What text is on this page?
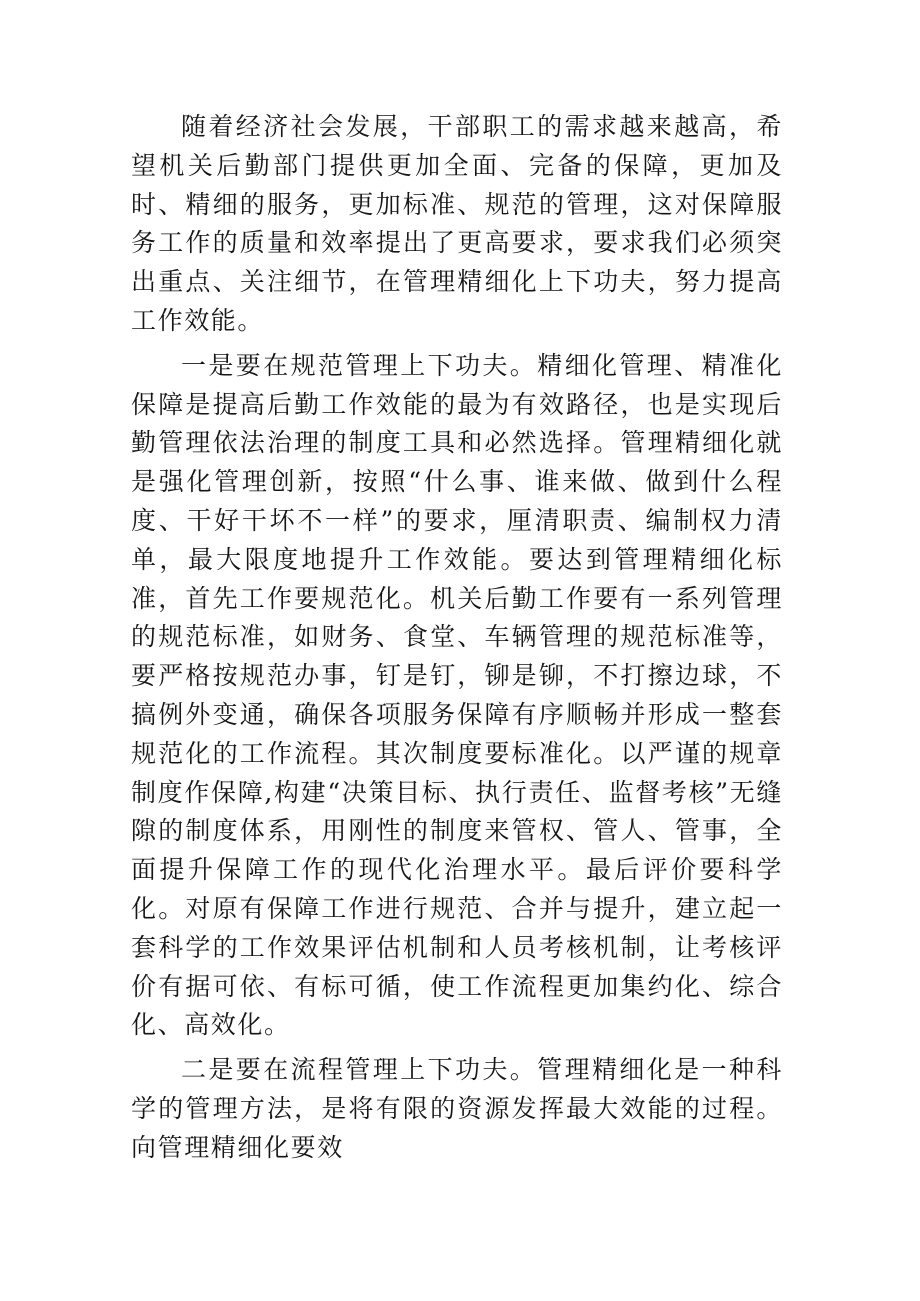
随着经济社会发展，干部职工的需求越来越高，希望机关后勤部门提供更加全面、完备的保障，更加及时、精细的服务，更加标准、规范的管理，这对保障服务工作的质量和效率提出了更高要求，要求我们必须突出重点、关注细节，在管理精细化上下功夫，努力提高工作效能。

一是要在规范管理上下功夫。精细化管理、精准化保障是提高后勤工作效能的最为有效路径，也是实现后勤管理依法治理的制度工具和必然选择。管理精细化就是强化管理创新，按照“什么事、谁来做、做到什么程度、干好干坏不一样”的要求，厘清职责、编制权力清单，最大限度地提升工作效能。要达到管理精细化标准，首先工作要规范化。机关后勤工作要有一系列管理的规范标准，如财务、食堂、车辆管理的规范标准等，要严格按规范办事，钉是钉，铆是铆，不打擦边球，不搞例外变通，确保各项服务保障有序顺畅并形成一整套规范化的工作流程。其次制度要标准化。以严谨的规章制度作保障,构建“决策目标、执行责任、监督考核”无缝隙的制度体系，用刚性的制度来管权、管人、管事，全面提升保障工作的现代化治理水平。最后评价要科学化。对原有保障工作进行规范、合并与提升，建立起一套科学的工作效果评估机制和人员考核机制，让考核评价有据可依、有标可循，使工作流程更加集约化、综合化、高效化。

二是要在流程管理上下功夫。管理精细化是一种科学的管理方法，是将有限的资源发挥最大效能的过程。向管理精细化要效
